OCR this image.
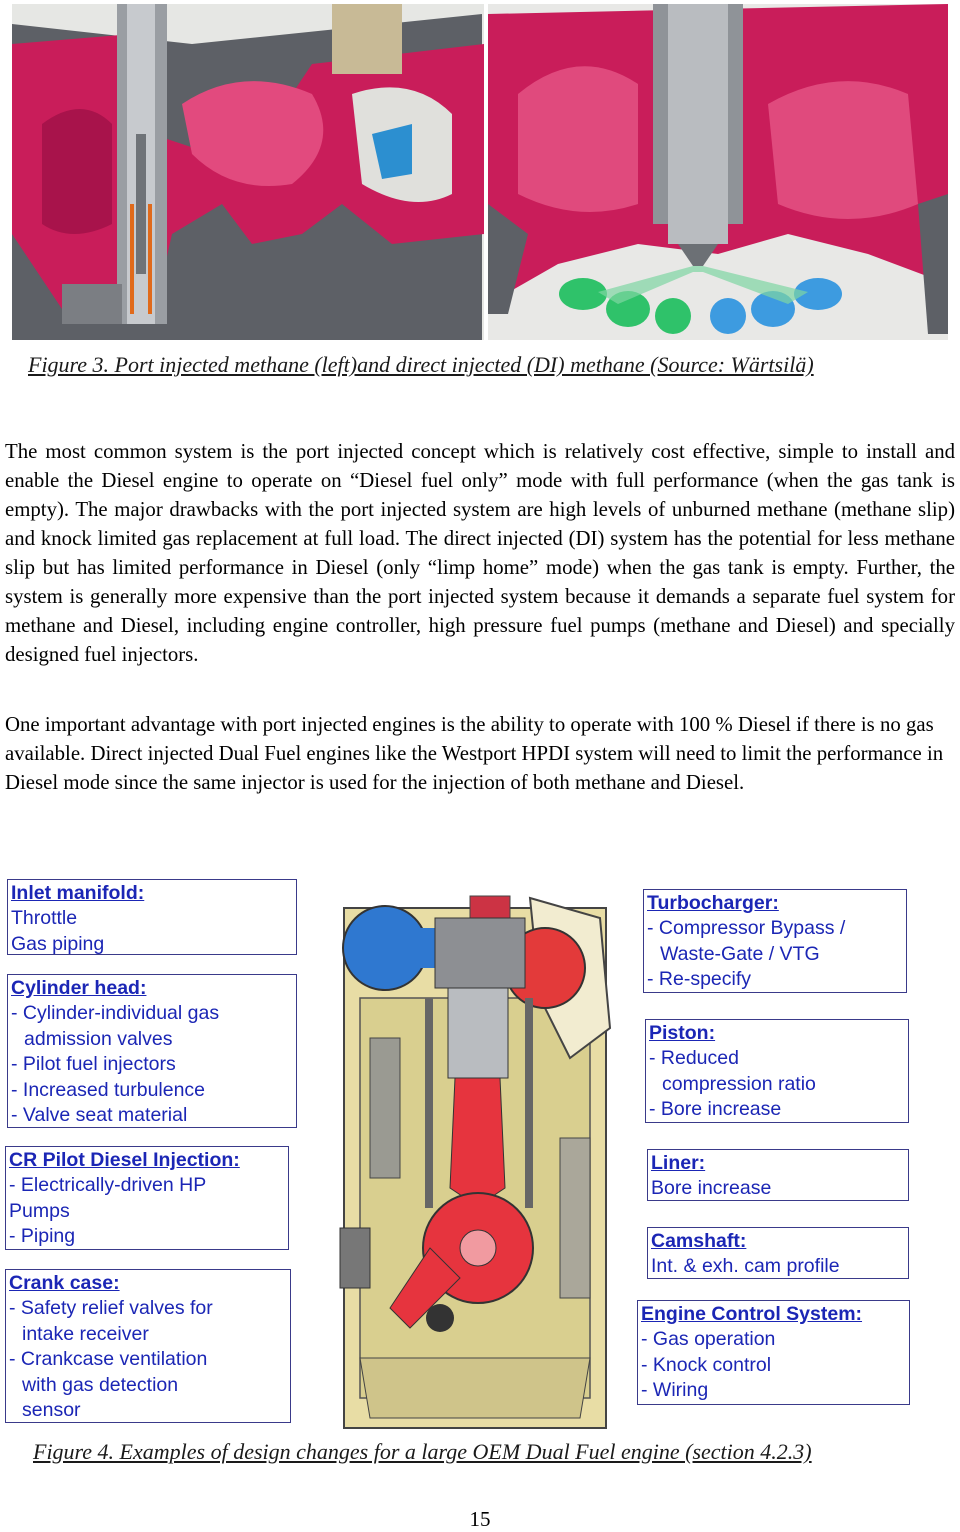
Figure 3. Port injected methane (left)and direct injected (DI) methane (Source: Wärtsilä)

The most common system is the port injected concept which is relatively cost effective, simple to install and enable the Diesel engine to operate on “Diesel fuel only” mode with full performance (when the gas tank is empty). The major drawbacks with the port injected system are high levels of unburned methane (methane slip) and knock limited gas replacement at full load. The direct injected (DI) system has the potential for less methane slip but has limited performance in Diesel (only “limp home” mode) when the gas tank is empty. Further, the system is generally more expensive than the port injected system because it demands a separate fuel system for methane and Diesel, including engine controller, high pressure fuel pumps (methane and Diesel) and specially designed fuel injectors.

One important advantage with port injected engines is the ability to operate with 100 % Diesel if there is no gas available. Direct injected Dual Fuel engines like the Westport HPDI system will need to limit the performance in Diesel mode since the same injector is used for the injection of both methane and Diesel.

Inlet manifold:
Throttle
Gas piping
Cylinder head:
- Cylinder-individual gas
admission valves
- Pilot fuel injectors
- Increased turbulence
- Valve seat material
CR Pilot Diesel Injection:
- Electrically-driven HP
Pumps
- Piping
Crank case:
- Safety relief valves for
intake receiver
- Crankcase ventilation
with gas detection
sensor
Turbocharger:
- Compressor Bypass /
Waste-Gate / VTG
- Re-specify
Piston:
- Reduced
compression ratio
- Bore increase
Liner:
Bore increase
Camshaft:
Int. & exh. cam profile
Engine Control System:
- Gas operation
- Knock control
- Wiring
Figure 4. Examples of design changes for a large OEM Dual Fuel engine (section 4.2.3)
15
